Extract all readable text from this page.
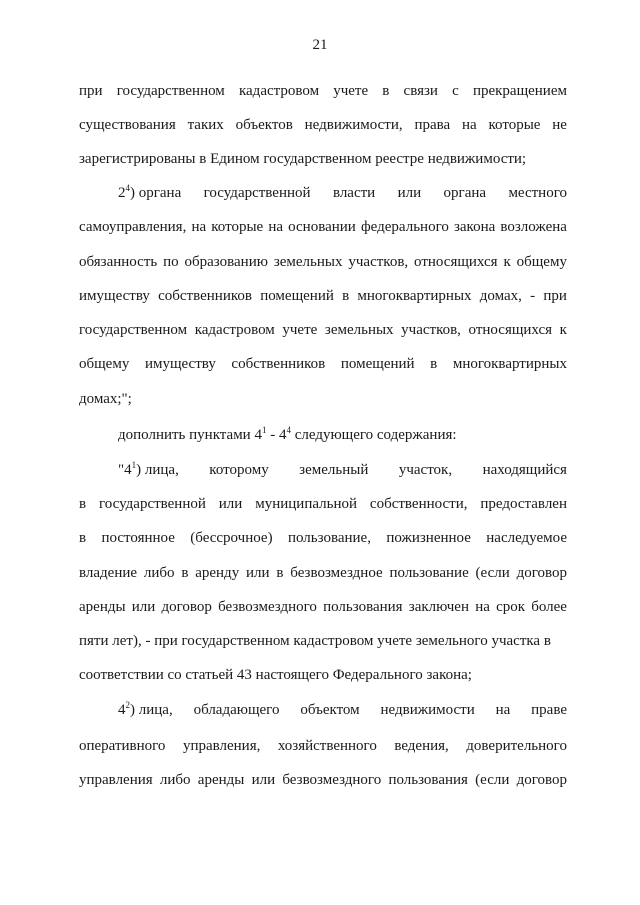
21
при государственном кадастровом учете в связи с прекращением
существования таких объектов недвижимости, права на которые не
зарегистрированы в Едином государственном реестре недвижимости;
$2^4$) органа государственной власти или органа местного
самоуправления, на которые на основании федерального закона возложена
обязанность по образованию земельных участков, относящихся к общему
имуществу собственников помещений в многоквартирных домах, - при
государственном кадастровом учете земельных участков, относящихся к
общему имуществу собственников помещений в многоквартирных
домах;";
дополнить пунктами $4^1 - 4^4$ следующего содержания:
"$4^1$) лица, которому земельный участок, находящийся
в государственной или муниципальной собственности, предоставлен
в постоянное (бессрочное) пользование, пожизненное наследуемое
владение либо в аренду или в безвозмездное пользование (если договор
аренды или договор безвозмездного пользования заключен на срок более
пяти лет), - при государственном кадастровом учете земельного участка в
соответствии со статьей 43 настоящего Федерального закона;
$4^2$) лица, обладающего объектом недвижимости на праве
оперативного управления, хозяйственного ведения, доверительного
управления либо аренды или безвозмездного пользования (если договор
